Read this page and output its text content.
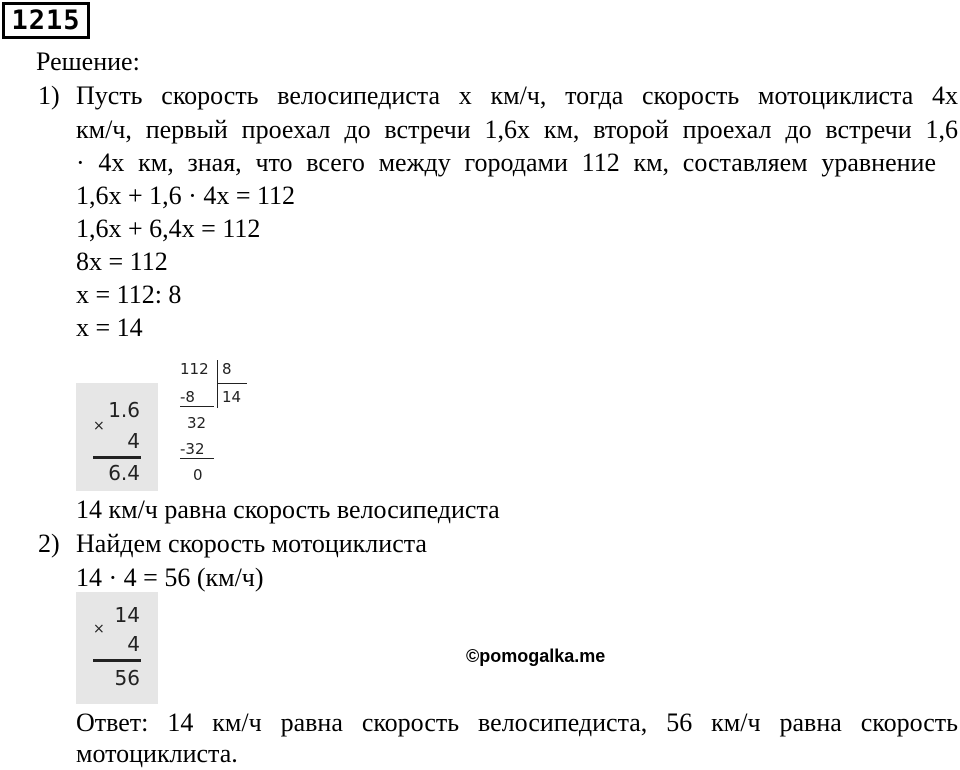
1215
Решение:
1) Пусть скорость велосипедиста х км/ч, тогда скорость мотоциклиста 4х
км/ч, первый проехал до встречи 1,6х км, второй проехал до встречи 1,6
· 4х км, зная, что всего между городами 112 км, составляем уравнение
1,6х + 1,6 · 4х = 112
1,6х + 6,4х = 112
8х = 112
х = 112: 8
х = 14
×
1.6
4
6.4
112
-8
32
-32
0
8
14
14 км/ч равна скорость велосипедиста
2) Найдем скорость мотоциклиста
14 · 4 = 56 (км/ч)
×
14
4
56
©pomogalka.me
Ответ: 14 км/ч равна скорость велосипедиста, 56 км/ч равна скорость
мотоциклиста.
